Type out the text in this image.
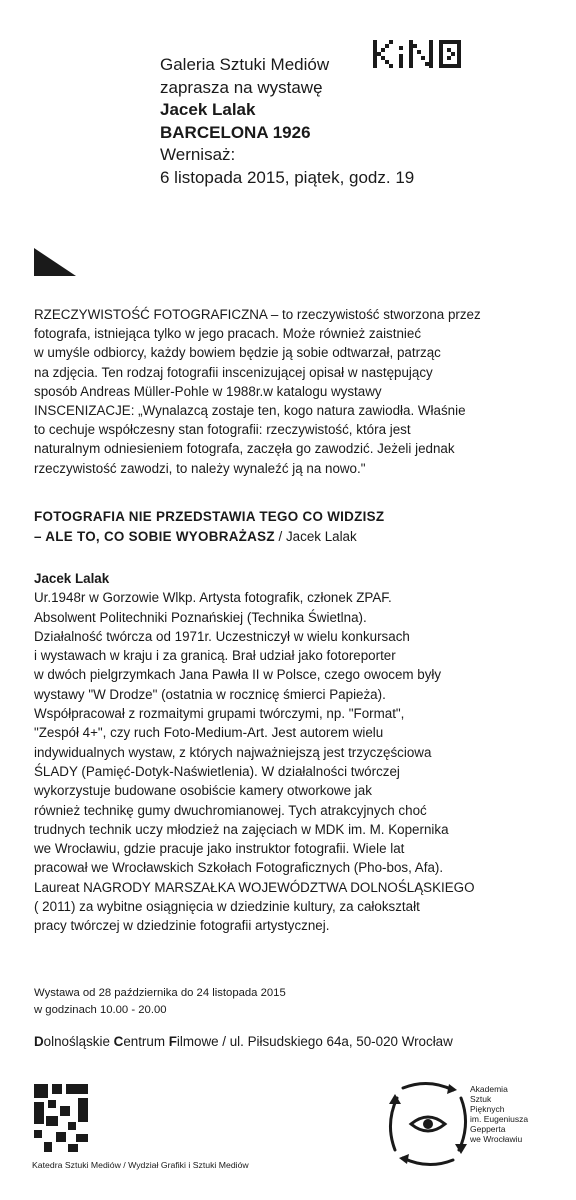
Galeria Sztuki Mediów
zaprasza na wystawę
Jacek Lalak
BARCELONA 1926
Wernisaż:
6 listopada 2015, piątek, godz. 19
RZECZYWISTOŚĆ FOTOGRAFICZNA – to rzeczywistość stworzona przez
fotografa, istniejąca tylko w jego pracach. Może również zaistnieć
w umyśle odbiorcy, każdy bowiem będzie ją sobie odtwarzał, patrząc
na zdjęcia. Ten rodzaj fotografii inscenizującej opisał w następujący
sposób Andreas Müller-Pohle w 1988r.w katalogu wystawy
INSCENIZACJE: „Wynalazcą zostaje ten, kogo natura zawiodła. Właśnie
to cechuje współczesny stan fotografii: rzeczywistość, która jest
naturalnym odniesieniem fotografa, zaczęła go zawodzić. Jeżeli jednak
rzeczywistość zawodzi, to należy wynaleźć ją na nowo."
FOTOGRAFIA NIE PRZEDSTAWIA TEGO CO WIDZISZ
– ALE TO, CO SOBIE WYOBRAŻASZ / Jacek Lalak
Jacek Lalak
Ur.1948r w Gorzowie Wlkp. Artysta fotografik, członek ZPAF.
Absolwent Politechniki Poznańskiej (Technika Świetlna).
Działalność twórcza od 1971r. Uczestniczył w wielu konkursach
i wystawach w kraju i za granicą. Brał udział jako fotoreporter
w dwóch pielgrzymkach Jana Pawła II w Polsce, czego owocem były
wystawy "W Drodze" (ostatnia w rocznicę śmierci Papieża).
Współpracował z rozmaitymi grupami twórczymi, np. "Format",
"Zespół 4+", czy ruch Foto-Medium-Art. Jest autorem wielu
indywidualnych wystaw, z których najważniejszą jest trzyczęściowa
ŚLADY (Pamięć-Dotyk-Naświetlenia). W działalności twórczej
wykorzystuje budowane osobiście kamery otworkowe jak
również technikę gumy dwuchromianowej. Tych atrakcyjnych choć
trudnych technik uczy młodzież na zajęciach w MDK im. M. Kopernika
we Wrocławiu, gdzie pracuje jako instruktor fotografii. Wiele lat
pracował we Wrocławskich Szkołach Fotograficznych (Pho-bos, Afa).
Laureat NAGRODY MARSZAŁKA WOJEWÓDZTWA DOLNOŚLĄSKIEGO
( 2011) za wybitne osiągnięcia w dziedzinie kultury, za całokształt
pracy twórczej w dziedzinie fotografii artystycznej.
Wystawa od 28 października do 24 listopada 2015
w godzinach 10.00 - 20.00
Dolnośląskie Centrum Filmowe / ul. Piłsudskiego 64a, 50-020 Wrocław
Katedra Sztuki Mediów / Wydział Grafiki i Sztuki Mediów
Akademia
Sztuk
Pięknych
im. Eugeniusza
Gepperta
we Wrocławiu
